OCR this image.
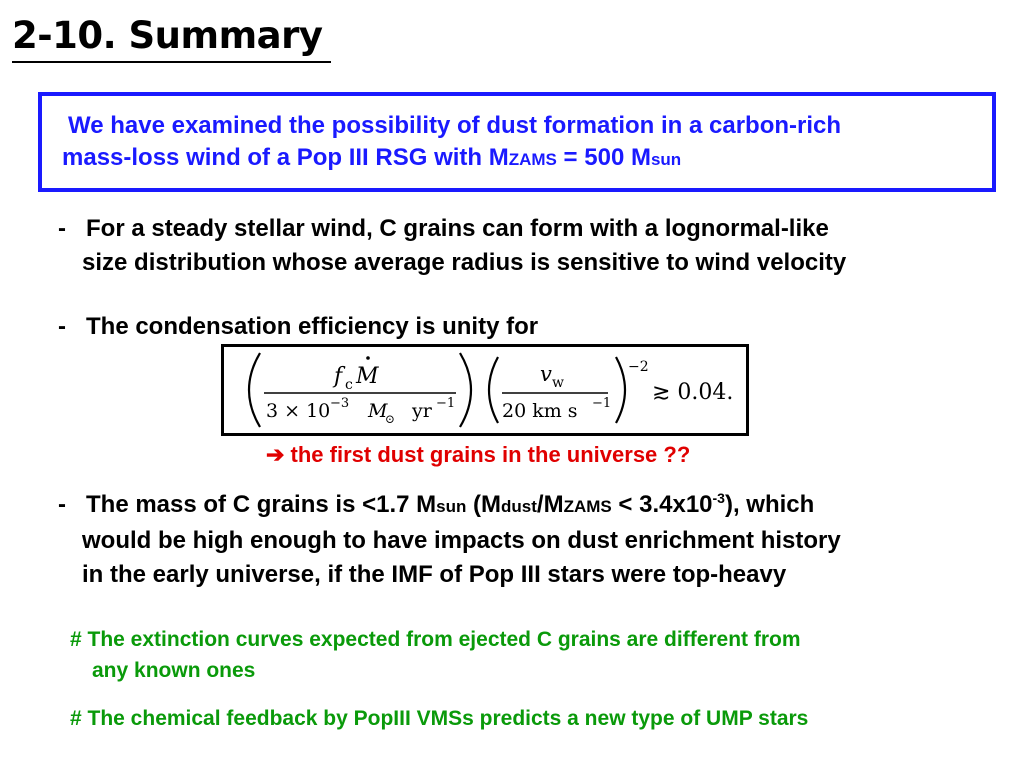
2-10. Summary
We have examined the possibility of dust formation in a carbon-rich
mass-loss wind of a Pop III RSG with MZAMS = 500 Msun
- For a steady stellar wind, C grains can form with a lognormal-like
size distribution whose average radius is sensitive to wind velocity
- The condensation efficiency is unity for
f c M
3 × 10 −3 M
⊙ yr −1
v w
20 km s −1
−2
≳ 0.04.
➔ the first dust grains in the universe ??
- The mass of C grains is <1.7 Msun (Mdust/MZAMS < $3.4x10^{-3}$), which
would be high enough to have impacts on dust enrichment history
in the early universe, if the IMF of Pop III stars were top-heavy
# The extinction curves expected from ejected C grains are different from
any known ones
# The chemical feedback by PopIII VMSs predicts a new type of UMP stars
